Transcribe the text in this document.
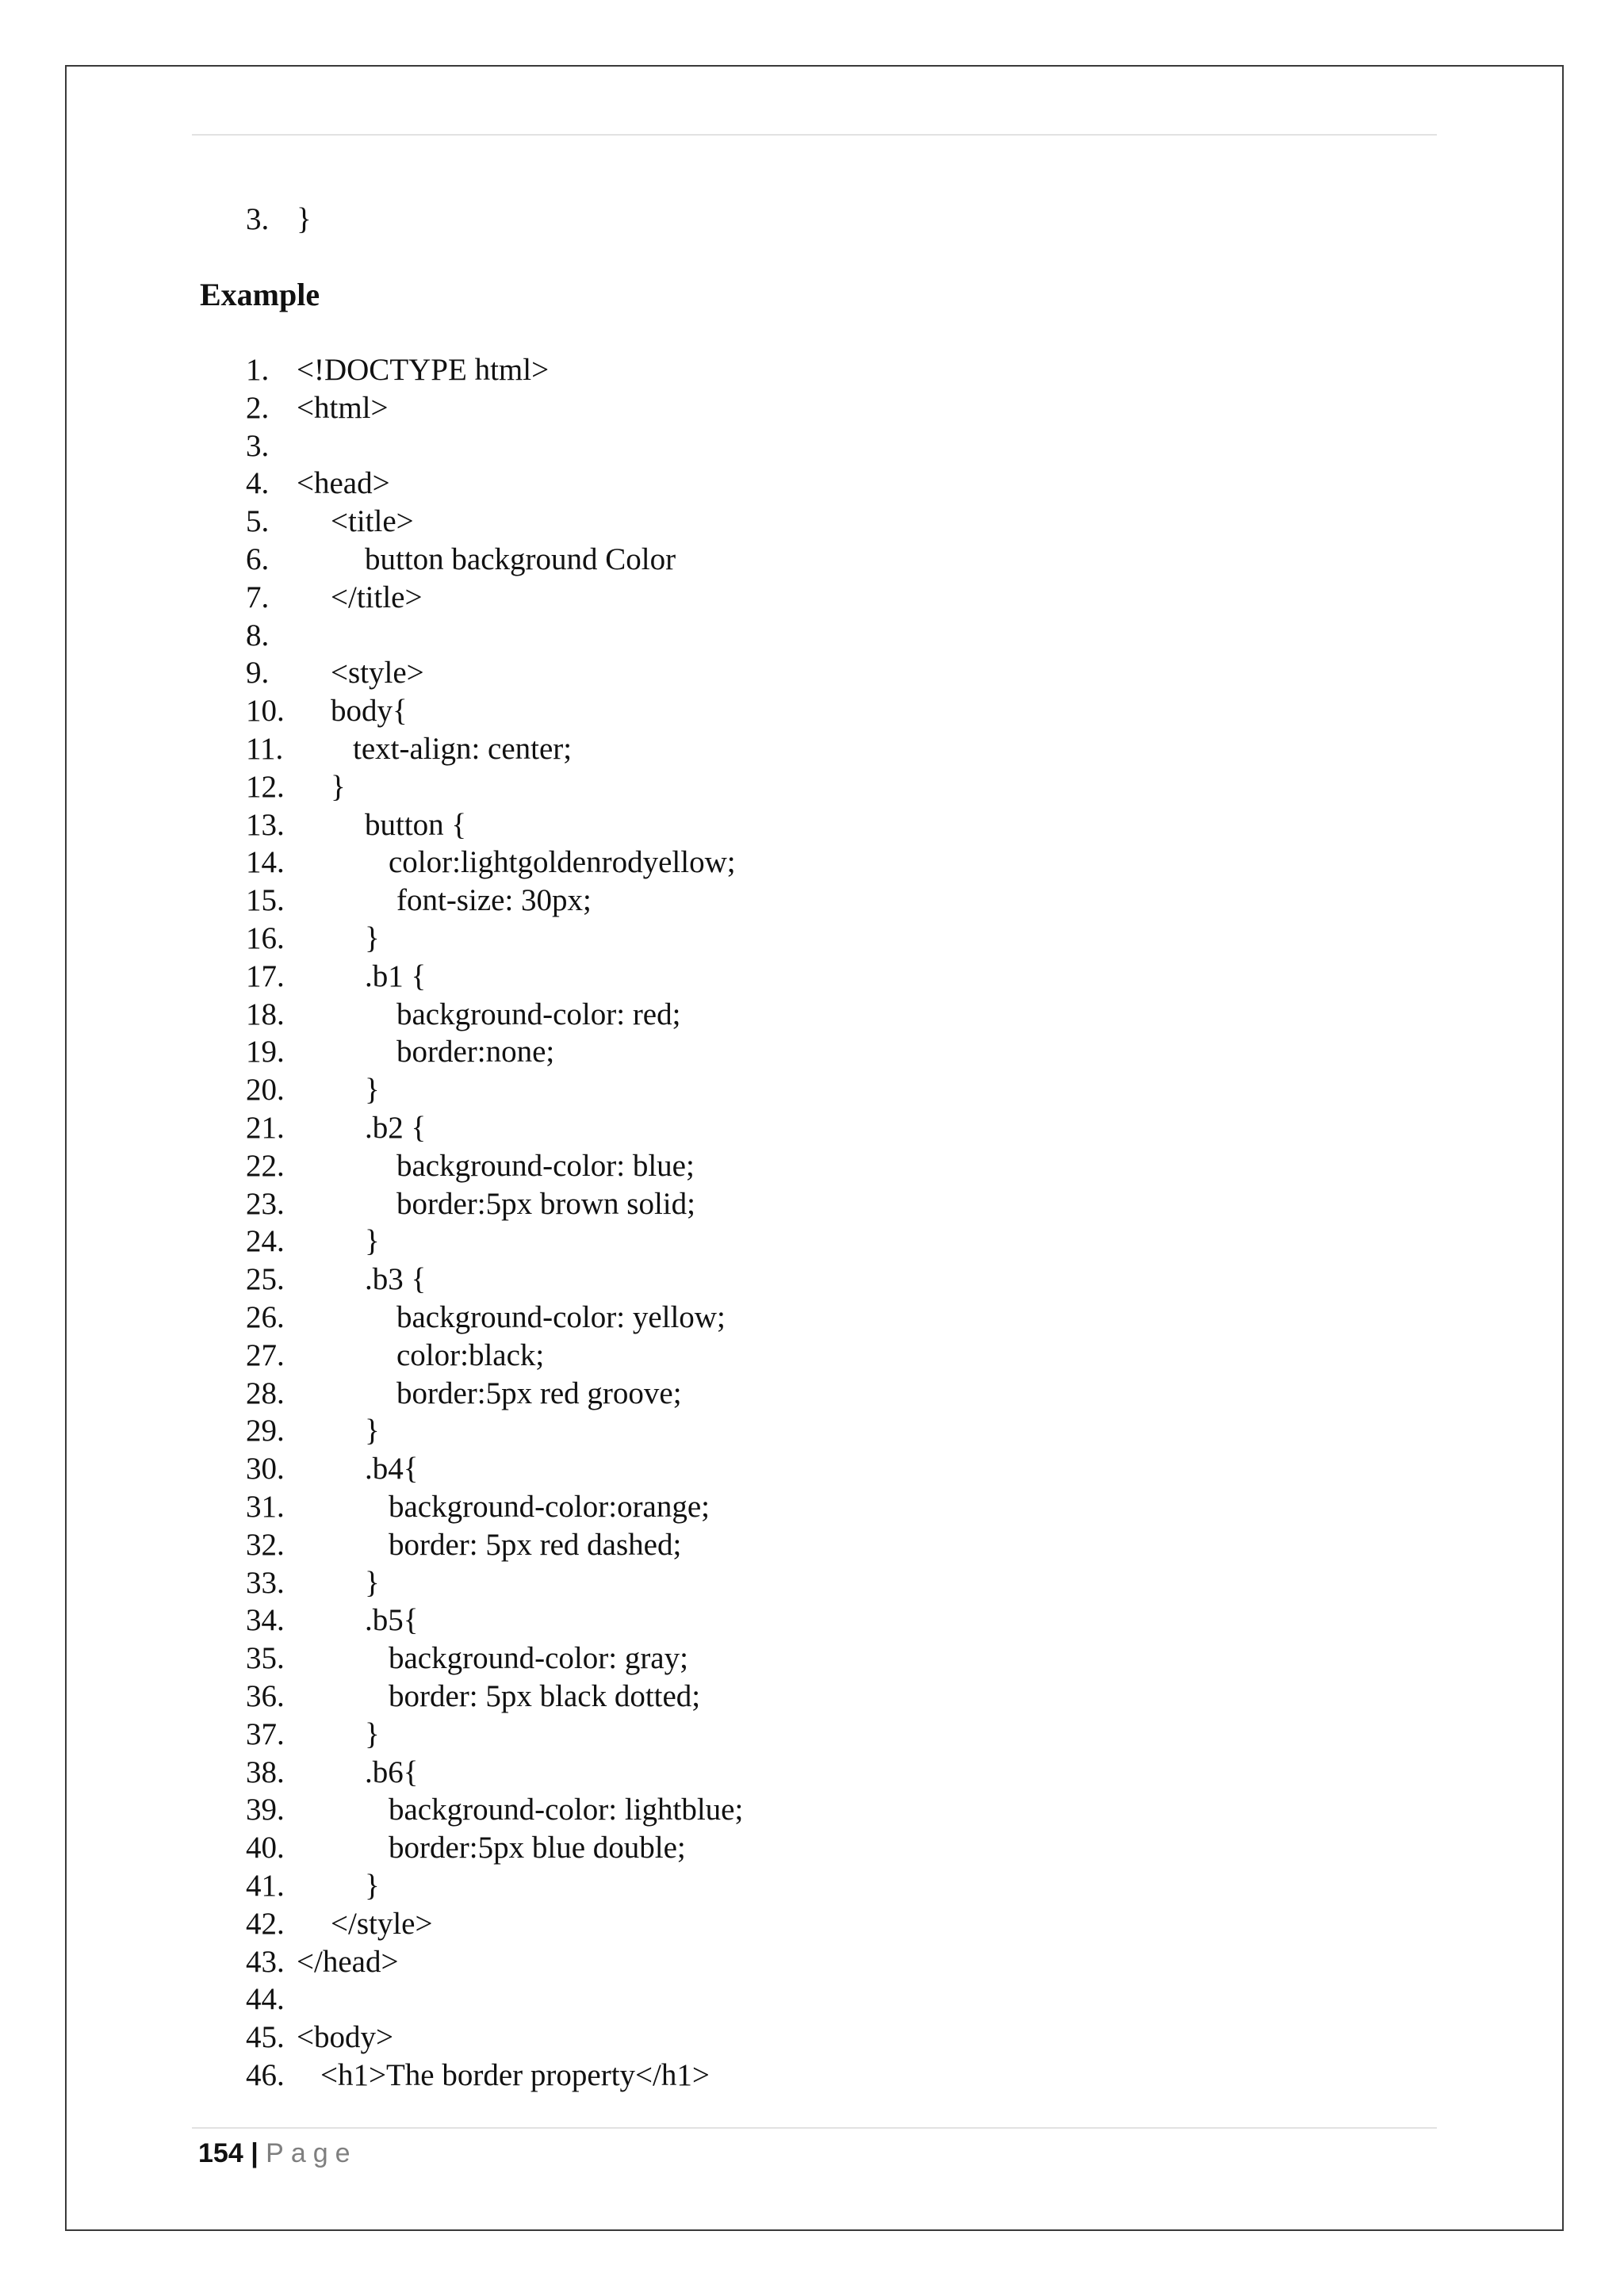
3. }
Example
1. <!DOCTYPE html>
2. <html>
3.
4. <head>
5. <title>
6.	button background Color
7. </title>
8.
9. <style>
10. body{
11. text-align: center;
12. }
13.	button {
14.	color:lightgoldenrodyellow;
15.	font-size: 30px;
16.	}
17.	.b1 {
18.	background-color: red;
19.	border:none;
20.	}
21.	.b2 {
22.	background-color: blue;
23.	border:5px brown solid;
24.	}
25.	.b3 {
26.	background-color: yellow;
27.	color:black;
28.	border:5px red groove;
29.	}
30.	.b4{
31.	background-color:orange;
32.	border: 5px red dashed;
33.	}
34.	.b5{
35.	background-color: gray;
36.	border: 5px black dotted;
37.	}
38.	.b6{
39.	background-color: lightblue;
40.	border:5px blue double;
41.	}
42. </style>
43. </head>
44.
45. <body>
46. <h1>The border property</h1>
154 | Page
